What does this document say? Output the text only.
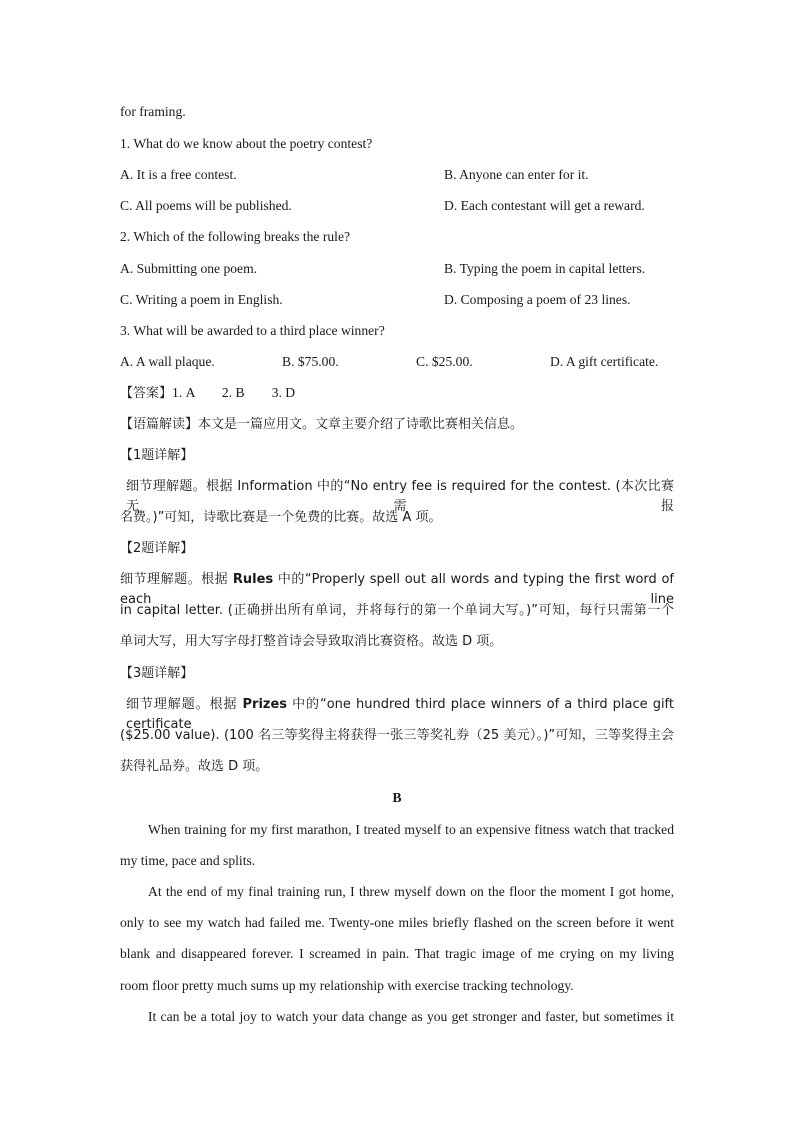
for framing.
1. What do we know about the poetry contest?
A. It is a free contest.	B. Anyone can enter for it.
C. All poems will be published.	D. Each contestant will get a reward.
2. Which of the following breaks the rule?
A. Submitting one poem.	B. Typing the poem in capital letters.
C. Writing a poem in English.	D. Composing a poem of 23 lines.
3. What will be awarded to a third place winner?
A. A wall plaque.	B. $75.00.	C. $25.00.	D. A gift certificate.
【答案】1. A        2. B        3. D
【语篇解读】本文是一篇应用文。文章主要介绍了诗歌比赛相关信息。
【1题详解】
细节理解题。根据 Information 中的“No entry fee is required for the contest. (本次比赛无需报
名费。)”可知，诗歌比赛是一个免费的比赛。故选 A 项。
【2题详解】
细节理解题。根据 Rules 中的“Properly spell out all words and typing the first word of each line
in capital letter. (正确拼出所有单词，并将每行的第一个单词大写。)”可知，每行只需第一个
单词大写，用大写字母打整首诗会导致取消比赛资格。故选 D 项。
【3题详解】
细节理解题。根据 Prizes 中的“one hundred third place winners of a third place gift certificate
($25.00 value). (100 名三等奖得主将获得一张三等奖礼券（25 美元）。)”可知，三等奖得主会
获得礼品券。故选 D 项。
B
When training for my first marathon, I treated myself to an expensive fitness watch that tracked
my time, pace and splits.
At the end of my final training run, I threw myself down on the floor the moment I got home,
only to see my watch had failed me. Twenty-one miles briefly flashed on the screen before it went
blank and disappeared forever. I screamed in pain. That tragic image of me crying on my living
room floor pretty much sums up my relationship with exercise tracking technology.
It can be a total joy to watch your data change as you get stronger and faster, but sometimes it
